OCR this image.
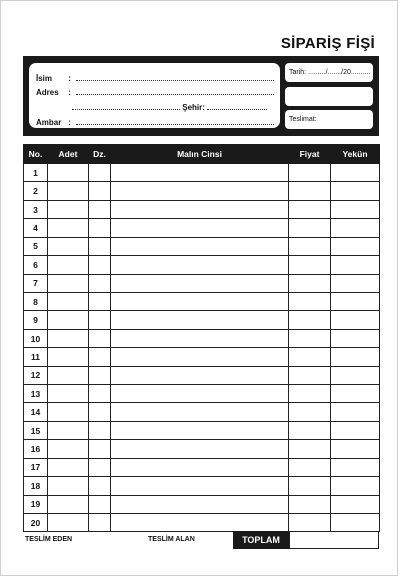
SİPARİŞ FİŞİ
İsim :
Adres :
Şehir:
Ambar :
Tarih: ........./......./20..........
Teslimat:
No.	Adet	Dz.	Malın Cinsi	Fiyat	Yekün
1					
2					
3					
4					
5					
6					
7					
8					
9					
10					
11					
12					
13					
14					
15					
16					
17					
18					
19					
20					
TESLİM EDEN	TESLİM ALAN	TOPLAM
